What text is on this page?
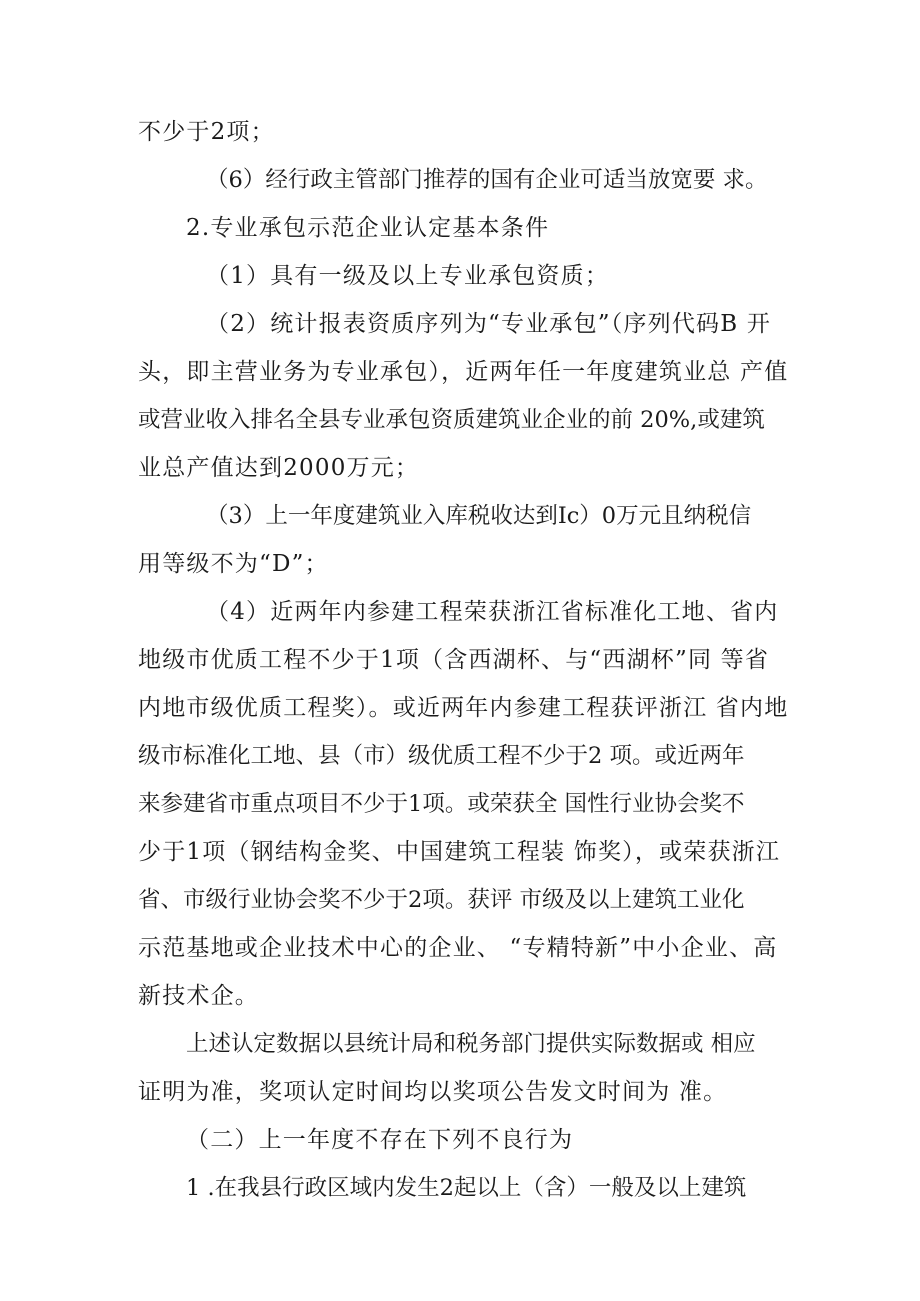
不少于2项；
（6）经行政主管部门推荐的国有企业可适当放宽要 求。
2.专业承包示范企业认定基本条件
（1）具有一级及以上专业承包资质；
（2）统计报表资质序列为“专业承包”（序列代码B 开
头，即主营业务为专业承包），近两年任一年度建筑业总 产值
或营业收入排名全县专业承包资质建筑业企业的前 20%,或建筑
业总产值达到2000万元；
（3）上一年度建筑业入库税收达到Ic）0万元且纳税信
用等级不为“D”；
（4）近两年内参建工程荣获浙江省标准化工地、省内
地级市优质工程不少于1项（含西湖杯、与“西湖杯”同 等省
内地市级优质工程奖）。或近两年内参建工程获评浙江 省内地
级市标准化工地、县（市）级优质工程不少于2 项。或近两年
来参建省市重点项目不少于1项。或荣获全 国性行业协会奖不
少于1项（钢结构金奖、中国建筑工程装 饰奖），或荣获浙江
省、市级行业协会奖不少于2项。获评 市级及以上建筑工业化
示范基地或企业技术中心的企业、 “专精特新”中小企业、高
新技术企。
上述认定数据以县统计局和税务部门提供实际数据或 相应
证明为准，奖项认定时间均以奖项公告发文时间为 准。
（二）上一年度不存在下列不良行为
1 .在我县行政区域内发生2起以上（含）一般及以上建筑
